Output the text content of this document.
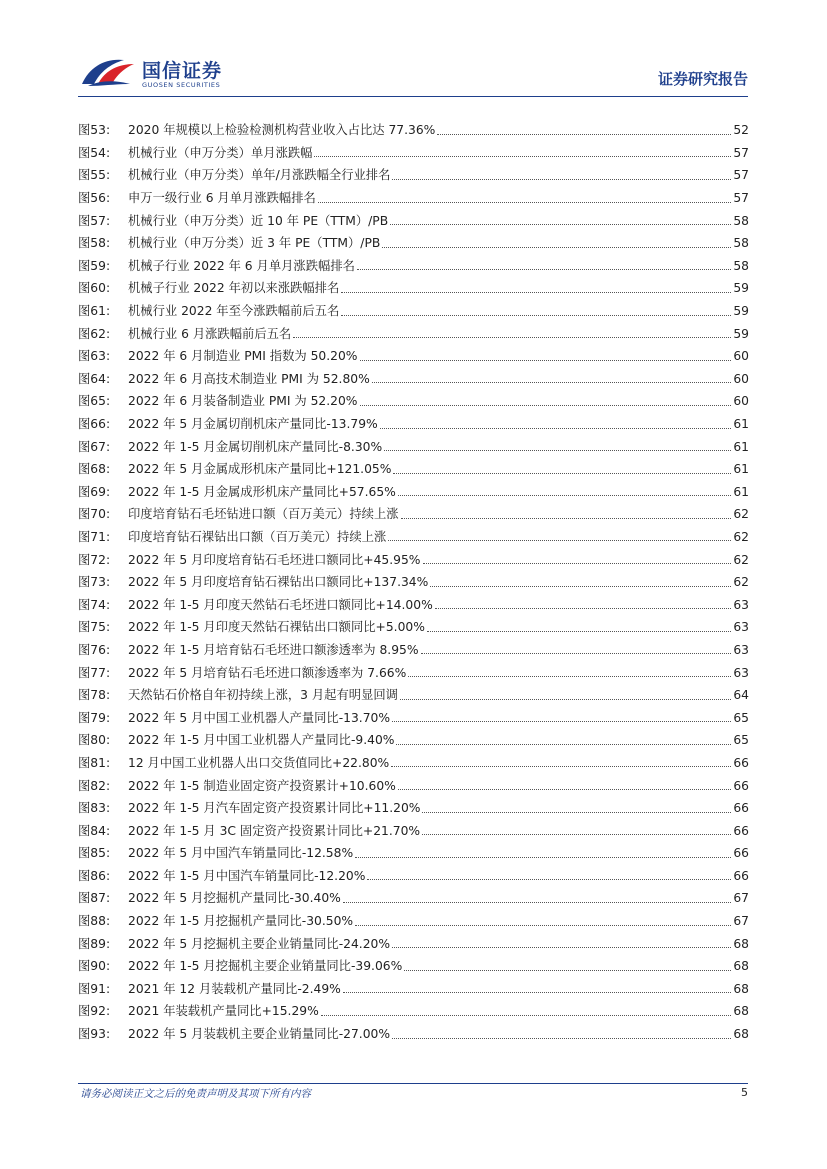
国信证券
GUOSEN SECURITIES	证券研究报告
图53:	2020 年规模以上检验检测机构营业收入占比达 77.36%	52
图54:	机械行业（申万分类）单月涨跌幅	57
图55:	机械行业（申万分类）单年/月涨跌幅全行业排名	57
图56:	申万一级行业 6 月单月涨跌幅排名	57
图57:	机械行业（申万分类）近 10 年 PE（TTM）/PB	58
图58:	机械行业（申万分类）近 3 年 PE（TTM）/PB	58
图59:	机械子行业 2022 年 6 月单月涨跌幅排名	58
图60:	机械子行业 2022 年初以来涨跌幅排名	59
图61:	机械行业 2022 年至今涨跌幅前后五名	59
图62:	机械行业 6 月涨跌幅前后五名	59
图63:	2022 年 6 月制造业 PMI 指数为 50.20%	60
图64:	2022 年 6 月高技术制造业 PMI 为 52.80%	60
图65:	2022 年 6 月装备制造业 PMI 为 52.20%	60
图66:	2022 年 5 月金属切削机床产量同比-13.79%	61
图67:	2022 年 1-5 月金属切削机床产量同比-8.30%	61
图68:	2022 年 5 月金属成形机床产量同比+121.05%	61
图69:	2022 年 1-5 月金属成形机床产量同比+57.65%	61
图70:	印度培育钻石毛坯钻进口额（百万美元）持续上涨	62
图71:	印度培育钻石裸钻出口额（百万美元）持续上涨	62
图72:	2022 年 5 月印度培育钻石毛坯进口额同比+45.95%	62
图73:	2022 年 5 月印度培育钻石裸钻出口额同比+137.34%	62
图74:	2022 年 1-5 月印度天然钻石毛坯进口额同比+14.00%	63
图75:	2022 年 1-5 月印度天然钻石裸钻出口额同比+5.00%	63
图76:	2022 年 1-5 月培育钻石毛坯进口额渗透率为 8.95%	63
图77:	2022 年 5 月培育钻石毛坯进口额渗透率为 7.66%	63
图78:	天然钻石价格自年初持续上涨，3 月起有明显回调	64
图79:	2022 年 5 月中国工业机器人产量同比-13.70%	65
图80:	2022 年 1-5 月中国工业机器人产量同比-9.40%	65
图81:	12 月中国工业机器人出口交货值同比+22.80%	66
图82:	2022 年 1-5 制造业固定资产投资累计+10.60%	66
图83:	2022 年 1-5 月汽车固定资产投资累计同比+11.20%	66
图84:	2022 年 1-5 月 3C 固定资产投资累计同比+21.70%	66
图85:	2022 年 5 月中国汽车销量同比-12.58%	66
图86:	2022 年 1-5 月中国汽车销量同比-12.20%	66
图87:	2022 年 5 月挖掘机产量同比-30.40%	67
图88:	2022 年 1-5 月挖掘机产量同比-30.50%	67
图89:	2022 年 5 月挖掘机主要企业销量同比-24.20%	68
图90:	2022 年 1-5 月挖掘机主要企业销量同比-39.06%	68
图91:	2021 年 12 月装载机产量同比-2.49%	68
图92:	2021 年装载机产量同比+15.29%	68
图93:	2022 年 5 月装载机主要企业销量同比-27.00%	68
请务必阅读正文之后的免责声明及其项下所有内容	5
